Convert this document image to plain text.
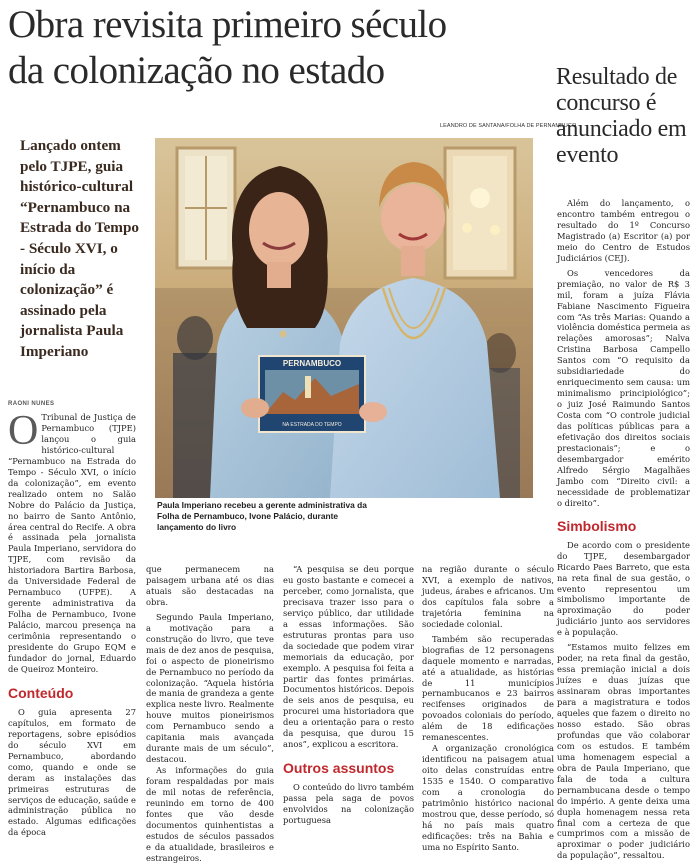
Obra revisita primeiro século
da colonização no estado	Resultado de concurso é anunciado em evento
LEANDRO DE SANTANA/FOLHA DE PERNAMBUCO
Lançado ontem pelo TJPE, guia histórico-cultural “Pernambuco na Estrada do Tempo - Século XVI, o início da colonização” é assinado pela jornalista Paula Imperiano
PERNAMBUCO
NA ESTRADA DO TEMPO
Paula Imperiano recebeu a gerente administrativa da Folha de Pernambuco, Ivone Palácio, durante lançamento do livro
RAONI NUNES

O Tribunal de Justiça de Pernambuco (TJPE) lançou o guia histórico-cultural “Pernambuco na Estrada do Tempo - Século XVI, o início da colonização”, em evento realizado ontem no Salão Nobre do Palácio da Justiça, no bairro de Santo Antônio, área central do Recife. A obra é assinada pela jornalista Paula Imperiano, servidora do TJPE, com revisão da historiadora Bartira Barbosa, da Universidade Federal de Pernambuco (UFPE). A gerente administrativa da Folha de Pernambuco, Ivone Palácio, marcou presença na cerimônia representando o presidente do Grupo EQM e fundador do jornal, Eduardo de Queiroz Monteiro.

Conteúdo

O guia apresenta 27 capítulos, em formato de reportagens, sobre episódios do século XVI em Pernambuco, abordando como, quando e onde se deram as instalações das primeiras estruturas de serviços de educação, saúde e administração pública no estado. Algumas edificações da época

que permanecem na paisagem urbana até os dias atuais são destacadas na obra.

Segundo Paula Imperiano, a motivação para a construção do livro, que teve mais de dez anos de pesquisa, foi o aspecto de pioneirismo de Pernambuco no período da colonização. “Aquela história de mania de grandeza a gente explica neste livro. Realmente houve muitos pioneirismos com Pernambuco sendo a capitania mais avançada durante mais de um século”, destacou.

As informações do guia foram respaldadas por mais de mil notas de referência, reunindo em torno de 400 fontes que vão desde documentos quinhentistas a estudos de séculos passados e da atualidade, brasileiros e estrangeiros.

“A pesquisa se deu porque eu gosto bastante e comecei a perceber, como jornalista, que precisava trazer isso para o serviço público, dar utilidade a essas informações. São estruturas prontas para uso da sociedade que podem virar memoriais da educação, por exemplo. A pesquisa foi feita a partir das fontes primárias. Documentos históricos. Depois de seis anos de pesquisa, eu procurei uma historiadora que deu a orientação para o resto da pesquisa, que durou 15 anos”, explicou a escritora.

Outros assuntos

O conteúdo do livro também passa pela saga de povos envolvidos na colonização portuguesa

na região durante o século XVI, a exemplo de nativos, judeus, árabes e africanos. Um dos capítulos fala sobre a trajetória feminina na sociedade colonial.

Também são recuperadas biografias de 12 personagens daquele momento e narradas, até a atualidade, as histórias de 11 municípios pernambucanos e 23 bairros recifenses originados de povoados coloniais do período, além de 18 edificações remanescentes.

A organização cronológica identificou na paisagem atual oito delas construídas entre 1535 e 1540. O comparativo com a cronologia do patrimônio histórico nacional mostrou que, desse período, só há no país mais quatro edificações: três na Bahia e uma no Espírito Santo.

Além do lançamento, o encontro também entregou o resultado do 1º Concurso Magistrado (a) Escritor (a) por meio do Centro de Estudos Judiciários (CEJ).

Os vencedores da premiação, no valor de R$ 3 mil, foram a juíza Flávia Fabiane Nascimento Figueira com “As três Marias: Quando a violência doméstica permeia as relações amorosas”; Nalva Cristina Barbosa Campello Santos com “O requisito da subsidiariedade do enriquecimento sem causa: um minimalismo principiológico”; o juiz José Raimundo Santos Costa com “O controle judicial das políticas públicas para a efetivação dos direitos sociais prestacionais”; e o desembargador emérito Alfredo Sérgio Magalhães Jambo com “Direito civil: a necessidade de problematizar o direito”.

Simbolismo

De acordo com o presidente do TJPE, desembargador Ricardo Paes Barreto, que esta na reta final de sua gestão, o evento representou um simbolismo importante de aproximação do poder judiciário junto aos servidores e à população.

“Estamos muito felizes em poder, na reta final da gestão, essa premiação inicial a dois juízes e duas juízas que assinaram obras importantes para a magistratura e todos aqueles que fazem o direito no nosso estado. São obras profundas que vão colaborar com os estudos. E também uma homenagem especial a obra de Paula Imperiano, que fala de toda a cultura pernambucana desde o tempo do império. A gente deixa uma dupla homenagem nessa reta final com a certeza de que cumprimos com a missão de aproximar o poder judiciário da população”, ressaltou.
